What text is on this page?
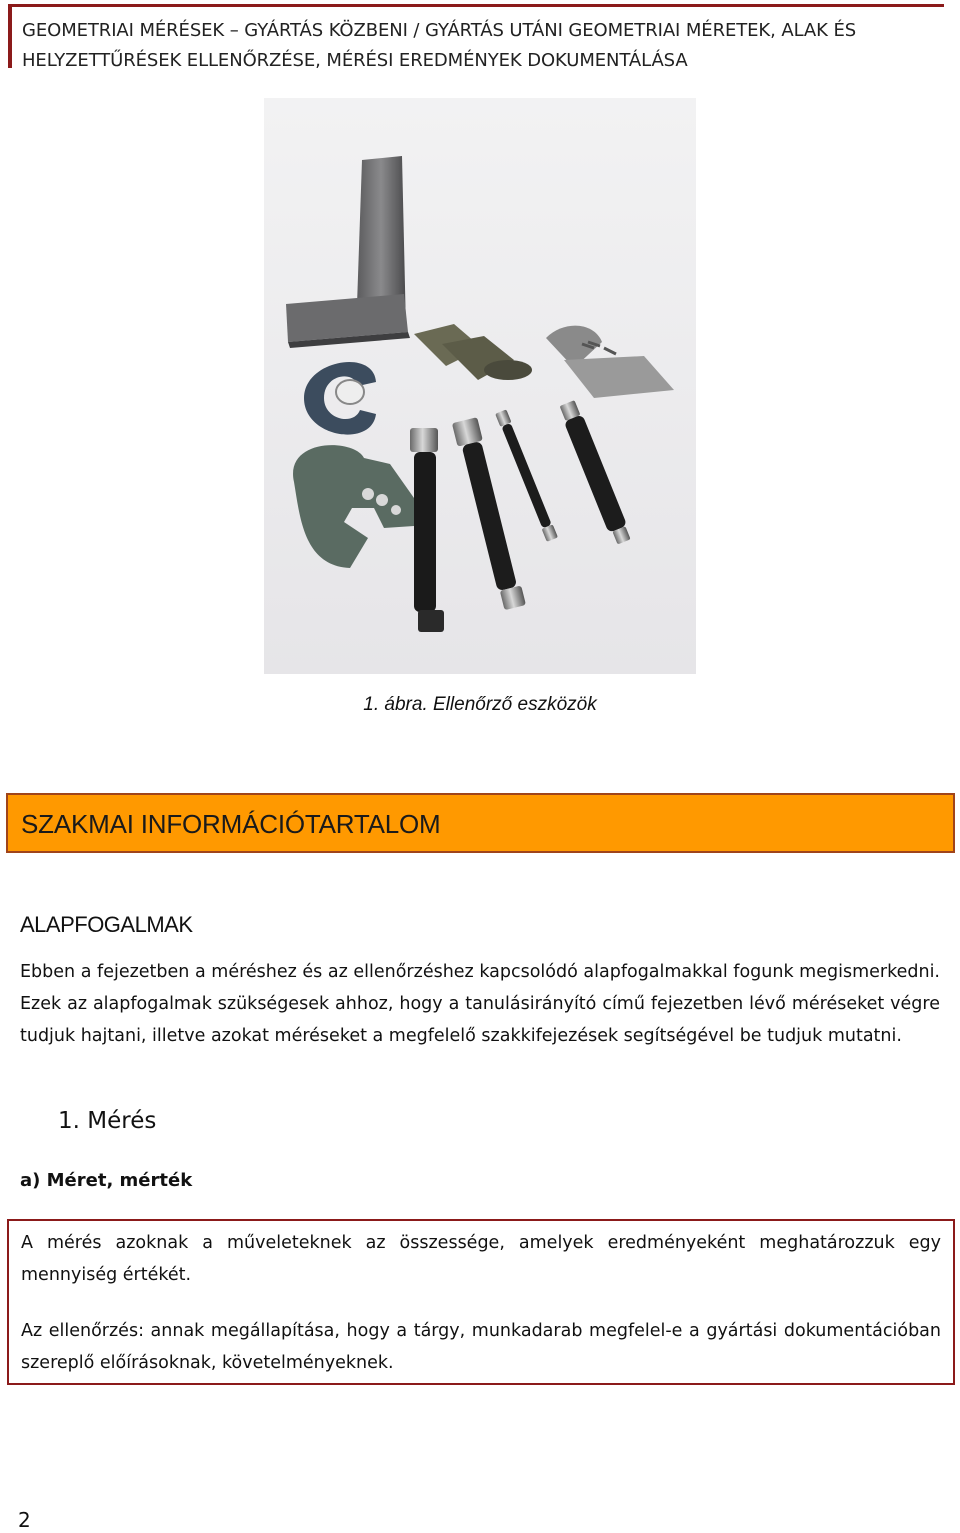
GEOMETRIAI MÉRÉSEK – GYÁRTÁS KÖZBENI / GYÁRTÁS UTÁNI GEOMETRIAI MÉRETEK, ALAK ÉS
HELYZETTŰRÉSEK ELLENŐRZÉSE, MÉRÉSI EREDMÉNYEK DOKUMENTÁLÁSA
1. ábra. Ellenőrző eszközök
SZAKMAI INFORMÁCIÓTARTALOM
ALAPFOGALMAK
Ebben a fejezetben a méréshez és az ellenőrzéshez kapcsolódó alapfogalmakkal fogunk megismerkedni. Ezek az alapfogalmak szükségesek ahhoz, hogy a tanulásirányító című fejezetben lévő méréseket végre tudjuk hajtani, illetve azokat méréseket a megfelelő szakkifejezések segítségével be tudjuk mutatni.
1. Mérés
a) Méret, mérték
A mérés azoknak a műveleteknek az összessége, amelyek eredményeként meghatározzuk egy mennyiség értékét.
Az ellenőrzés: annak megállapítása, hogy a tárgy, munkadarab megfelel-e a gyártási dokumentációban szereplő előírásoknak, követelményeknek.
2
